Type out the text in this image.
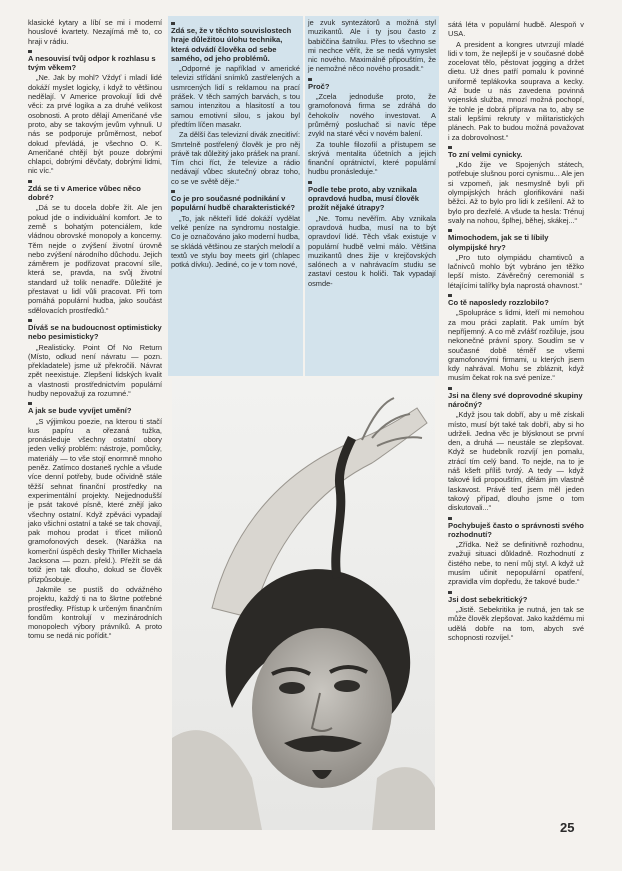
klasické kytary a líbí se mi i moderní houslové kvartety. Nezajímá mě to, co hraji v rádiu.

A nesouvisí tvůj odpor k rozhlasu s tvým věkem?

„Ne. Jak by mohl? Vždyť i mladí lidé dokáží myslet logicky, i když to většinou nedělají. V Americe provokují lidi dvě věci: za prvé logika a za druhé velikost osobnosti. A proto dělají Američané vše proto, aby se takovým jevům vyhnuli. U nás se podporuje průměrnost, neboť dokud převládá, je všechno O. K. Američané chtějí být pouze dobrými chlapci, dobrými děvčaty, dobrými lidmi, nic víc.“

Zdá se ti v Americe vůbec něco dobré?

„Dá se tu docela dobře žít. Ale jen pokud jde o individuální komfort. Je to země s bohatým potenciálem, kde vládnou obrovské monopoly a koncerny. Těm nejde o zvýšení životní úrovně nebo zvýšení národního důchodu. Jejich záměrem je podřizovat pracovní síle, která se, pravda, na svůj životní standard už tolik nenadře. Důležité je přestavat u lidí vůli pracovat. Při tom pomáhá populární hudba, jako součást sdělovacích prostředků.“

Díváš se na budoucnost optimisticky nebo pesimisticky?

„Realisticky. Point Of No Return (Místo, odkud není návratu — pozn. překladatele) jsme už překročili. Návrat zpět neexistuje. Zlepšení lidských kvalit a vlastnosti prostřednictvím populární hudby nepovažuji za rozumné.“

A jak se bude vyvíjet umění?

„S výjimkou poezie, na kterou ti stačí kus papíru a ořezaná tužka, pronásleduje všechny ostatní obory jeden velký problém: nástroje, pomůcky, materiály — to vše stojí enormně mnoho peněz. Zatímco dostaneš rychle a všude více denní potřeby, bude očividně stále těžší sehnat finanční prostředky na experimentální projekty. Nejjednodušší je psát takové písně, které znějí jako všechny ostatní. Když zpěváci vypadají jako všichni ostatní a také se tak chovají, pak mohou prodat i třicet milionů gramofonových desek. (Narážka na komerční úspěch desky Thriller Michaela Jacksona — pozn. překl.). Přežít se dá totiž jen tak dlouho, dokud se člověk přizpůsobuje.

Jakmile se pustíš do odvážného projektu, každý ti na to škrtne potřebné prostředky. Přístup k určeným finančním fondům kontrolují v mezinárodních monopolech výbory právníků. A proto tomu se nedá nic pořídit.“

Zdá se, že v těchto souvislostech hraje důležitou úlohu technika, která odvádí člověka od sebe samého, od jeho problémů.

„Odporné je například v americké televizi střídání snímků zastřelených a usmrcených lidí s reklamou na prací prášek. V těch samých barvách, s tou samou intenzitou a hlasitostí a tou samou emotivní silou, s jakou byl předtím líčen masakr.

Za dělší čas televizní divák znecitliví: Smrtelně postřelený člověk je pro něj právě tak důležitý jako prášek na praní. Tím chci říct, že televize a rádio nedávají vůbec skutečný obraz toho, co se ve světě děje.“

Co je pro současné podnikání v populární hudbě charakteristické?

„To, jak někteří lidé dokáží vydělat velké peníze na syndromu nostalgie. Co je označováno jako moderní hudba, se skládá většinou ze starých melodií a textů ve stylu boy meets girl (chlapec potká dívku). Jediné, co je v tom nové,

je zvuk syntezátorů a možná styl muzikantů. Ale i ty jsou často z babiččina šatníku. Přes to všechno se mi nechce věřit, že se nedá vymyslet nic nového. Maximálně připouštím, že je nemožné něco nového prosadit.“

Proč?

„Zcela jednoduše proto, že gramofonová firma se zdráhá do čehokoliv nového investovat. A průměrný posluchač si navíc těpe zvykl na staré věci v novém balení.

Za touhle filozofií a přístupem se skrývá mentalita účetních a jejich finanční oprátnictví, které populární hudbu pronásleduje.“

Podle tebe proto, aby vznikala opravdová hudba, musí člověk prožít nějaké útrapy?

„Ne. Tomu nevěřím. Aby vznikala opravdová hudba, musí na to být opravdoví lidé. Těch však existuje v populární hudbě velmi málo. Většina muzikantů dnes žije v krejčovských salónech a v nahrávacím studiu se zastaví cestou k holiči. Tak vypadají osmde-

sátá léta v populární hudbě. Alespoň v USA.

A president a kongres utvrzují mladé lidi v tom, že nejlepší je v současné době zocelovat tělo, pěstovat jogging a držet dietu. Už dnes patří pomalu k povinné uniformě teplákovka souprava a kecky. Až bude u nás zavedena povinná vojenská služba, mnozí možná pochopí, že tohle je dobrá příprava na to, aby se stali lepšími rekruty v militaristických plánech. Pak to budou možná považovat i za dobrovolnost.“

To zní velmi cynicky.

„Kdo žije ve Spojených státech, potřebuje slušnou porci cynismu... Ale jen si vzpomeň, jak nesmyslně byli při olympijských hrách glorifikováni naši běžci. Až to bylo pro lidi k zešílení. Až to bylo pro dezřelé. A všude ta hesla: Trénuj svaly na nohou, šplhej, běhej, skákej...“

Mimochodem, jak se ti líbily olympijské hry?

„Pro tuto olympiádu chamtivců a lačnivců mohlo být vybráno jen těžko lepší místo. Závěrečný ceremoniál s létajícími talířky byla naprostá ohavnost.“

Co tě naposledy rozzlobilo?

„Spolupráce s lidmi, kteří mi nemohou za mou práci zaplatit. Pak umím být nepříjemný. A co mě zvlášť rozčiluje, jsou nekonečné právní spory. Soudím se v současné době téměř se všemi gramofonovými firmami, u kterých jsem kdy nahrával. Mohu se zbláznit, když musím čekat rok na své peníze.“

Jsi na členy své doprovodné skupiny náročný?

„Když jsou tak dobří, aby u mě získali místo, musí být také tak dobří, aby si ho udrželi. Jedna věc je blýsknout se první den, a druhá — neustále se zlepšovat. Když se hudebník rozvíjí jen pomalu, ztrácí tím celý band. To nejde, na to je náš kšeft příliš tvrdý. A tedy — když takové lidi propouštím, dělám jim vlastně laskavost. Právě teď jsem měl jeden takový případ, dlouho jsme o tom diskutovali...“

Pochybuješ často o správnosti svého rozhodnutí?

„Zřídka. Než se definitivně rozhodnu, zvažuji situaci důkladně. Rozhodnutí z čistého nebe, to není můj styl. A když už musím učinit nepopulární opatření, zpravidla vím dopředu, že takové bude.“

Jsi dost sebekritický?

„Jistě. Sebekritika je nutná, jen tak se může člověk zlepšovat. Jako každému mi udělá dobře na tom, abych své schopnosti rozvíjel.“

25
